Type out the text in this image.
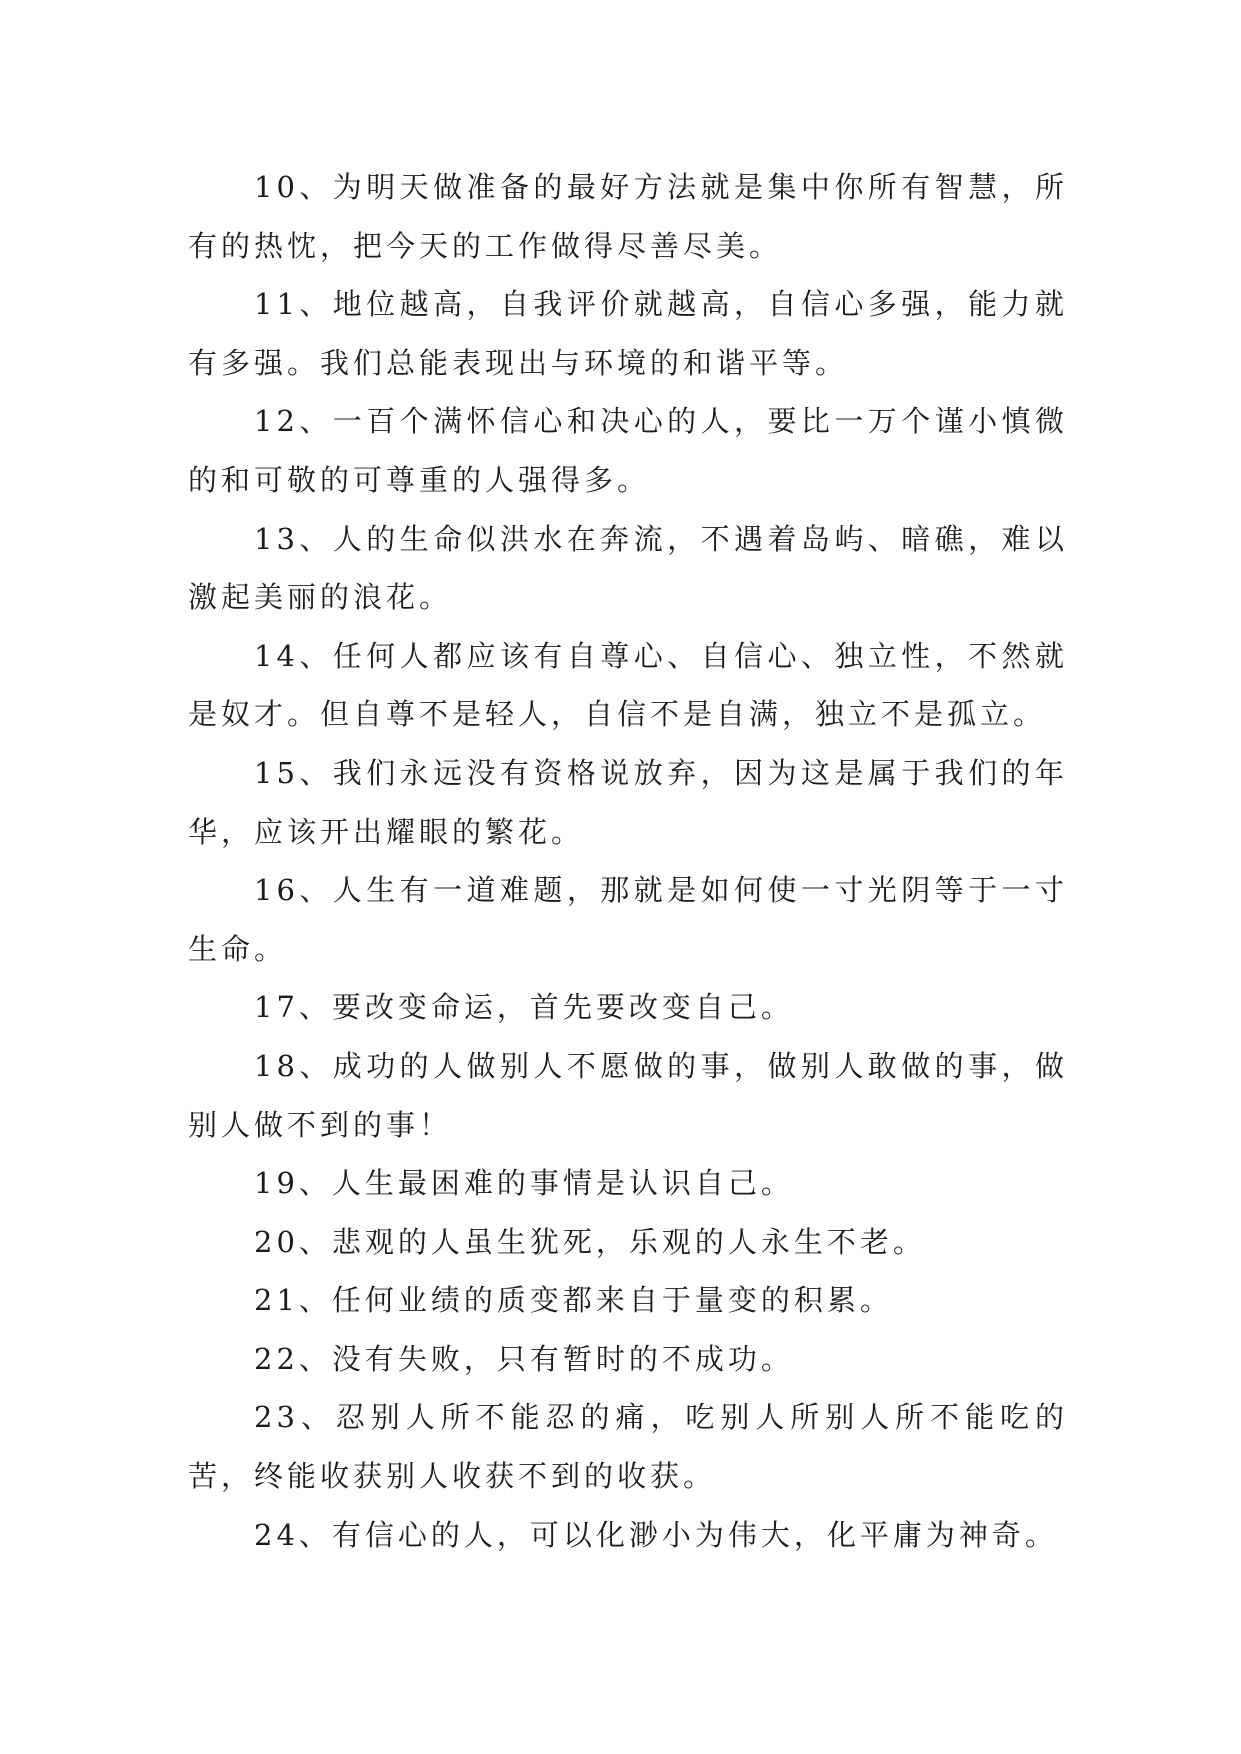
10、为明天做准备的最好方法就是集中你所有智慧，所有的热忱，把今天的工作做得尽善尽美。

11、地位越高，自我评价就越高，自信心多强，能力就有多强。我们总能表现出与环境的和谐平等。

12、一百个满怀信心和决心的人，要比一万个谨小慎微的和可敬的可尊重的人强得多。

13、人的生命似洪水在奔流，不遇着岛屿、暗礁，难以激起美丽的浪花。

14、任何人都应该有自尊心、自信心、独立性，不然就是奴才。但自尊不是轻人，自信不是自满，独立不是孤立。

15、我们永远没有资格说放弃，因为这是属于我们的年华，应该开出耀眼的繁花。

16、人生有一道难题，那就是如何使一寸光阴等于一寸生命。

17、要改变命运，首先要改变自己。

18、成功的人做别人不愿做的事，做别人敢做的事，做别人做不到的事！

19、人生最困难的事情是认识自己。

20、悲观的人虽生犹死，乐观的人永生不老。

21、任何业绩的质变都来自于量变的积累。

22、没有失败，只有暂时的不成功。

23、忍别人所不能忍的痛，吃别人所别人所不能吃的苦，终能收获别人收获不到的收获。

24、有信心的人，可以化渺小为伟大，化平庸为神奇。
